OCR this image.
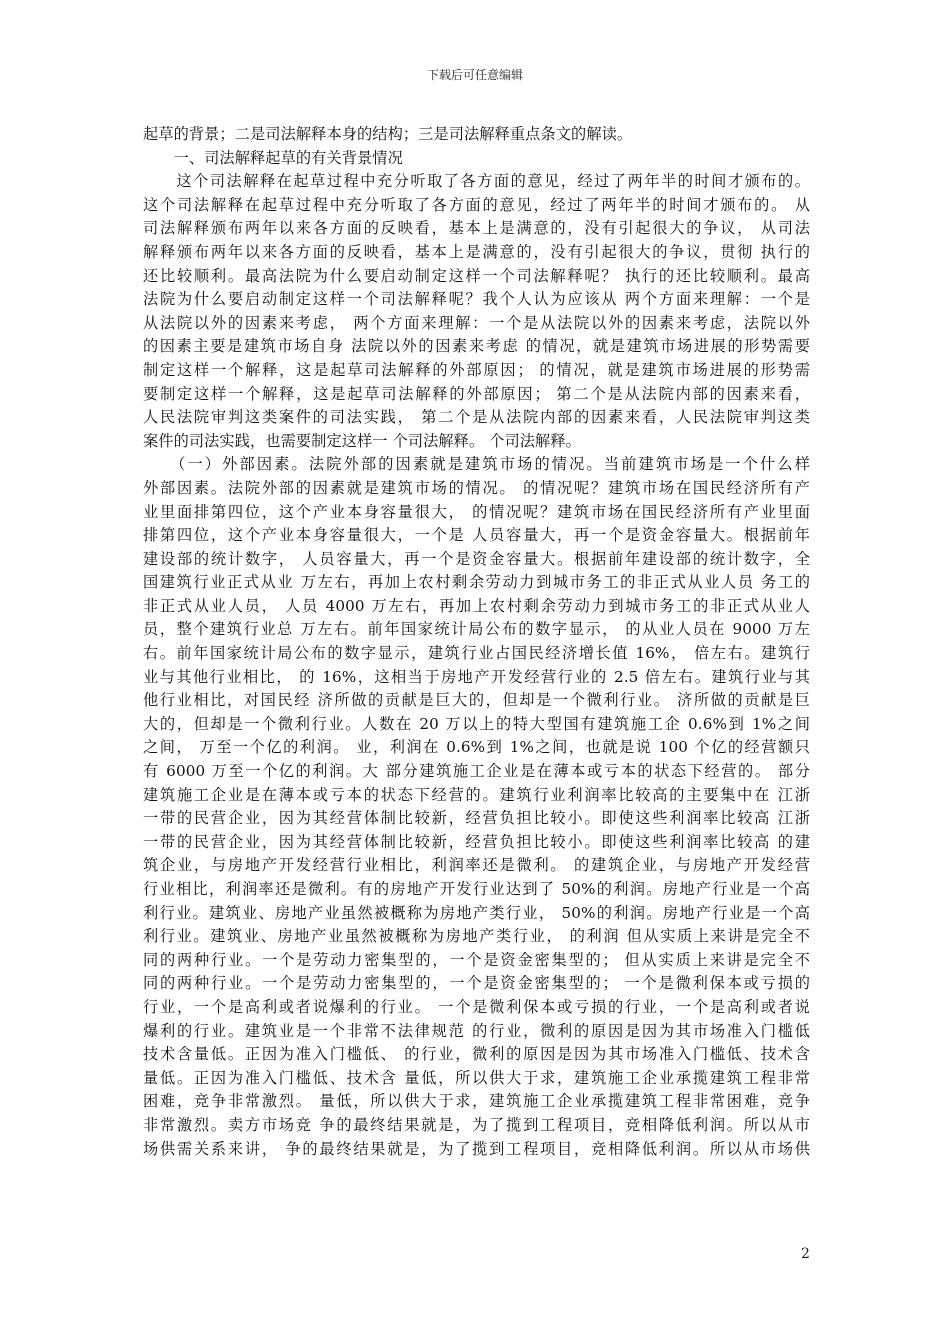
下载后可任意编辑
起草的背景；二是司法解释本身的结构；三是司法解释重点条文的解读。
　　一、司法解释起草的有关背景情况
　　这个司法解释在起草过程中充分听取了各方面的意见，经过了两年半的时间才颁布的。
这个司法解释在起草过程中充分听取了各方面的意见，经过了两年半的时间才颁布的。 从
司法解释颁布两年以来各方面的反映看，基本上是满意的，没有引起很大的争议， 从司法
解释颁布两年以来各方面的反映看，基本上是满意的，没有引起很大的争议，贯彻 执行的
还比较顺利。最高法院为什么要启动制定这样一个司法解释呢？ 执行的还比较顺利。最高
法院为什么要启动制定这样一个司法解释呢？我个人认为应该从 两个方面来理解：一个是
从法院以外的因素来考虑， 两个方面来理解：一个是从法院以外的因素来考虑，法院以外
的因素主要是建筑市场自身 法院以外的因素来考虑 的情况，就是建筑市场进展的形势需要
制定这样一个解释，这是起草司法解释的外部原因； 的情况，就是建筑市场进展的形势需
要制定这样一个解释，这是起草司法解释的外部原因； 第二个是从法院内部的因素来看，
人民法院审判这类案件的司法实践， 第二个是从法院内部的因素来看，人民法院审判这类
案件的司法实践，也需要制定这样一 个司法解释。 个司法解释。
　　（一）外部因素。法院外部的因素就是建筑市场的情况。当前建筑市场是一个什么样
外部因素。法院外部的因素就是建筑市场的情况。 的情况呢？建筑市场在国民经济所有产
业里面排第四位，这个产业本身容量很大， 的情况呢？建筑市场在国民经济所有产业里面
排第四位，这个产业本身容量很大，一个是 人员容量大，再一个是资金容量大。根据前年
建设部的统计数字， 人员容量大，再一个是资金容量大。根据前年建设部的统计数字，全
国建筑行业正式从业 万左右，再加上农村剩余劳动力到城市务工的非正式从业人员 务工的
非正式从业人员， 人员 4000 万左右，再加上农村剩余劳动力到城市务工的非正式从业人
员，整个建筑行业总 万左右。前年国家统计局公布的数字显示， 的从业人员在 9000 万左
右。前年国家统计局公布的数字显示，建筑行业占国民经济增长值 16%， 倍左右。建筑行
业与其他行业相比， 的 16%，这相当于房地产开发经营行业的 2.5 倍左右。建筑行业与其
他行业相比，对国民经 济所做的贡献是巨大的，但却是一个微利行业。 济所做的贡献是巨
大的，但却是一个微利行业。人数在 20 万以上的特大型国有建筑施工企 0.6%到 1%之间
之间， 万至一个亿的利润。 业，利润在 0.6%到 1%之间，也就是说 100 个亿的经营额只
有 6000 万至一个亿的利润。大 部分建筑施工企业是在薄本或亏本的状态下经营的。 部分
建筑施工企业是在薄本或亏本的状态下经营的。建筑行业利润率比较高的主要集中在 江浙
一带的民营企业，因为其经营体制比较新，经营负担比较小。即使这些利润率比较高 江浙
一带的民营企业，因为其经营体制比较新，经营负担比较小。即使这些利润率比较高 的建
筑企业，与房地产开发经营行业相比，利润率还是微利。 的建筑企业，与房地产开发经营
行业相比，利润率还是微利。有的房地产开发行业达到了 50%的利润。房地产行业是一个高
利行业。建筑业、房地产业虽然被概称为房地产类行业， 50%的利润。房地产行业是一个高
利行业。建筑业、房地产业虽然被概称为房地产类行业， 的利润 但从实质上来讲是完全不
同的两种行业。一个是劳动力密集型的，一个是资金密集型的； 但从实质上来讲是完全不
同的两种行业。一个是劳动力密集型的，一个是资金密集型的； 一个是微利保本或亏损的
行业，一个是高利或者说爆利的行业。 一个是微利保本或亏损的行业，一个是高利或者说
爆利的行业。建筑业是一个非常不法律规范 的行业，微利的原因是因为其市场准入门槛低
技术含量低。正因为准入门槛低、 的行业，微利的原因是因为其市场准入门槛低、技术含
量低。正因为准入门槛低、技术含 量低，所以供大于求，建筑施工企业承揽建筑工程非常
困难，竞争非常激烈。 量低，所以供大于求，建筑施工企业承揽建筑工程非常困难，竞争
非常激烈。卖方市场竞 争的最终结果就是，为了揽到工程项目，竞相降低利润。所以从市
场供需关系来讲， 争的最终结果就是，为了揽到工程项目，竞相降低利润。所以从市场供
2
